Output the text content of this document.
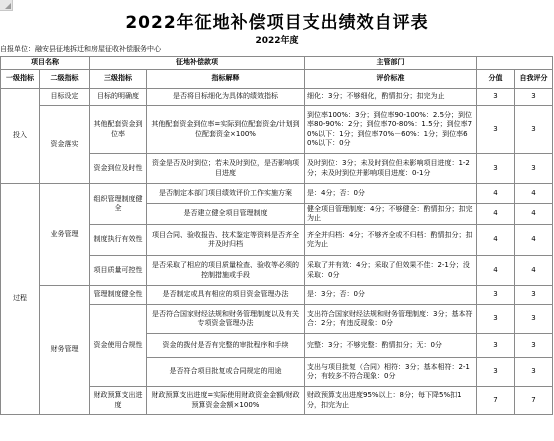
2022年征地补偿项目支出绩效自评表
2022年度
自报单位：融安县征地拆迁和房屋征收补偿服务中心
项目名称		征地补偿款项		主管部门		
一级指标	二级指标	三级指标	指标解释	评价标准	分值	自我评分
投入	目标设定	目标的明确度	是否将目标细化为具体的绩效指标	细化：3分；不够细化，酌情扣分；扣完为止	3	3
	资金落实	其他配套资金到位率	其他配套资金到位率=实际到位配套资金/计划到位配套资金×100%	到位率100%：3分；到位率90-100%：2.5分；到位率80-90%：2分；到位率70-80%：1.5分；到位率70%以下：1分；到位率70%－60%：1分；到位率60%以下：0分	3	3
		资金到位及时性	资金是否及时到位；若未及时到位，是否影响项目进度	及时到位：3分；未及时到位但未影响项目进度：1-2分；未及时到位并影响项目进度：0-1分	3	3
过程	业务管理	组织管理制度健全	是否制定本部门项目绩效评价工作实施方案	是：4分；否：0分	4	4
			是否建立健全项目管理制度	健全项目管理制度：4分；不够健全：酌情扣分；扣完为止	4	4
		制度执行有效性	项目合同、验收报告、技术鉴定等资料是否齐全并及时归档	齐全并归档：4分；不够齐全或不归档：酌情扣分；扣完为止	4	4
		项目质量可控性	是否采取了相应的项目质量检查、验收等必须的控制措施或手段	采取了并有效：4分；采取了但效果不佳：2-1分；没采取：0分	4	4
	财务管理	管理制度健全性	是否制定或具有相应的项目资金管理办法	是：3分；否：0分	3	3
		资金使用合规性	是否符合国家财经法规和财务管理制度以及有关专项资金管理办法	支出符合国家财经法规和财务管理制度：3分；基本符合：2分；有违反现象：0分	3	3
			资金的拨付是否有完整的审批程序和手续	完整：3分；不够完整：酌情扣分；无：0分	3	3
			是否符合项目批复或合同规定的用途	支出与项目批复（合同）相符：3分；基本相符：2-1分；有较多不符合现象：0分	3	3
		财政预算支出进度	财政预算支出进度=实际使用财政资金金额/财政预算资金金额×100%	财政预算支出进度95%以上：8分；每下降5%扣1分，扣完为止	7	7
